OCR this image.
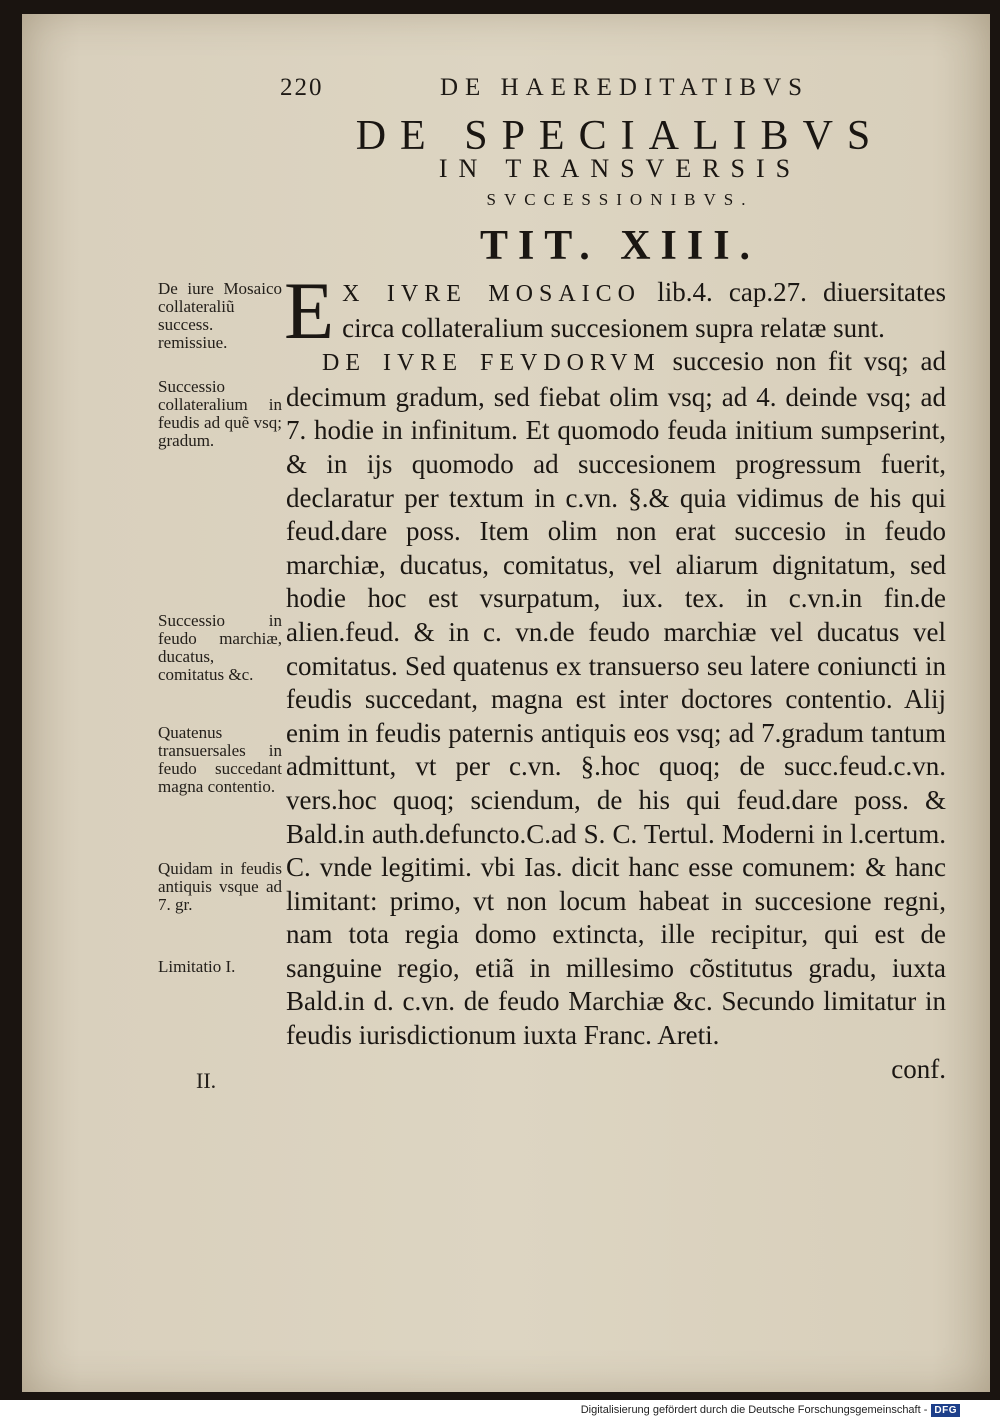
220	DE HAEREDITATIBVS
DE SPECIALIBVS
IN TRANSVERSIS
SVCCESSIONIBVS.
TIT. XIII.

E X IVRE MOSAICO lib.4. cap.27. diuersitates circa collateralium succesionem supra relatæ sunt.

DE IVRE FEVDORVM succesio non fit vsq; ad decimum gradum, sed fiebat olim vsq; ad 4. deinde vsq; ad 7. hodie in infinitum. Et quomodo feuda initium sumpserint, & in ijs quomodo ad succesionem progressum fuerit, declaratur per textum in c.vn. §.& quia vidimus de his qui feud.dare poss. Item olim non erat succesio in feudo marchiæ, ducatus, comitatus, vel aliarum dignitatum, sed hodie hoc est vsurpatum, iux. tex. in c.vn.in fin.de alien.feud. & in c. vn.de feudo marchiæ vel ducatus vel comitatus. Sed quatenus ex transuerso seu latere coniuncti in feudis succedant, magna est inter doctores contentio. Alij enim in feudis paternis antiquis eos vsq; ad 7.gradum tantum admittunt, vt per c.vn. §.hoc quoq; de succ.feud.c.vn. vers.hoc quoq; sciendum, de his qui feud.dare poss. & Bald.in auth.defuncto.C.ad S. C. Tertul. Moderni in l.certum. C. vnde legitimi. vbi Ias. dicit hanc esse comunem: & hanc limitant: primo, vt non locum habeat in succesione regni, nam tota regia domo extincta, ille recipitur, qui est de sanguine regio, etiã in millesimo cõstitutus gradu, iuxta Bald.in d. c.vn. de feudo Marchiæ &c. Secundo limitatur in feudis iurisdictionum iuxta Franc. Areti.

conf.
De iure Mosaico collateraliũ success. remissiue.
Successio collateralium in feudis ad quẽ vsq; gradum.
Successio in feudo marchiæ, ducatus, comitatus &c.
Quatenus transuersales in feudo succedant magna contentio.
Quidam in feudis antiquis vsque ad 7. gr.
Limitatio I.
II.
Digitalisierung gefördert durch die Deutsche Forschungsgemeinschaft - DFG
